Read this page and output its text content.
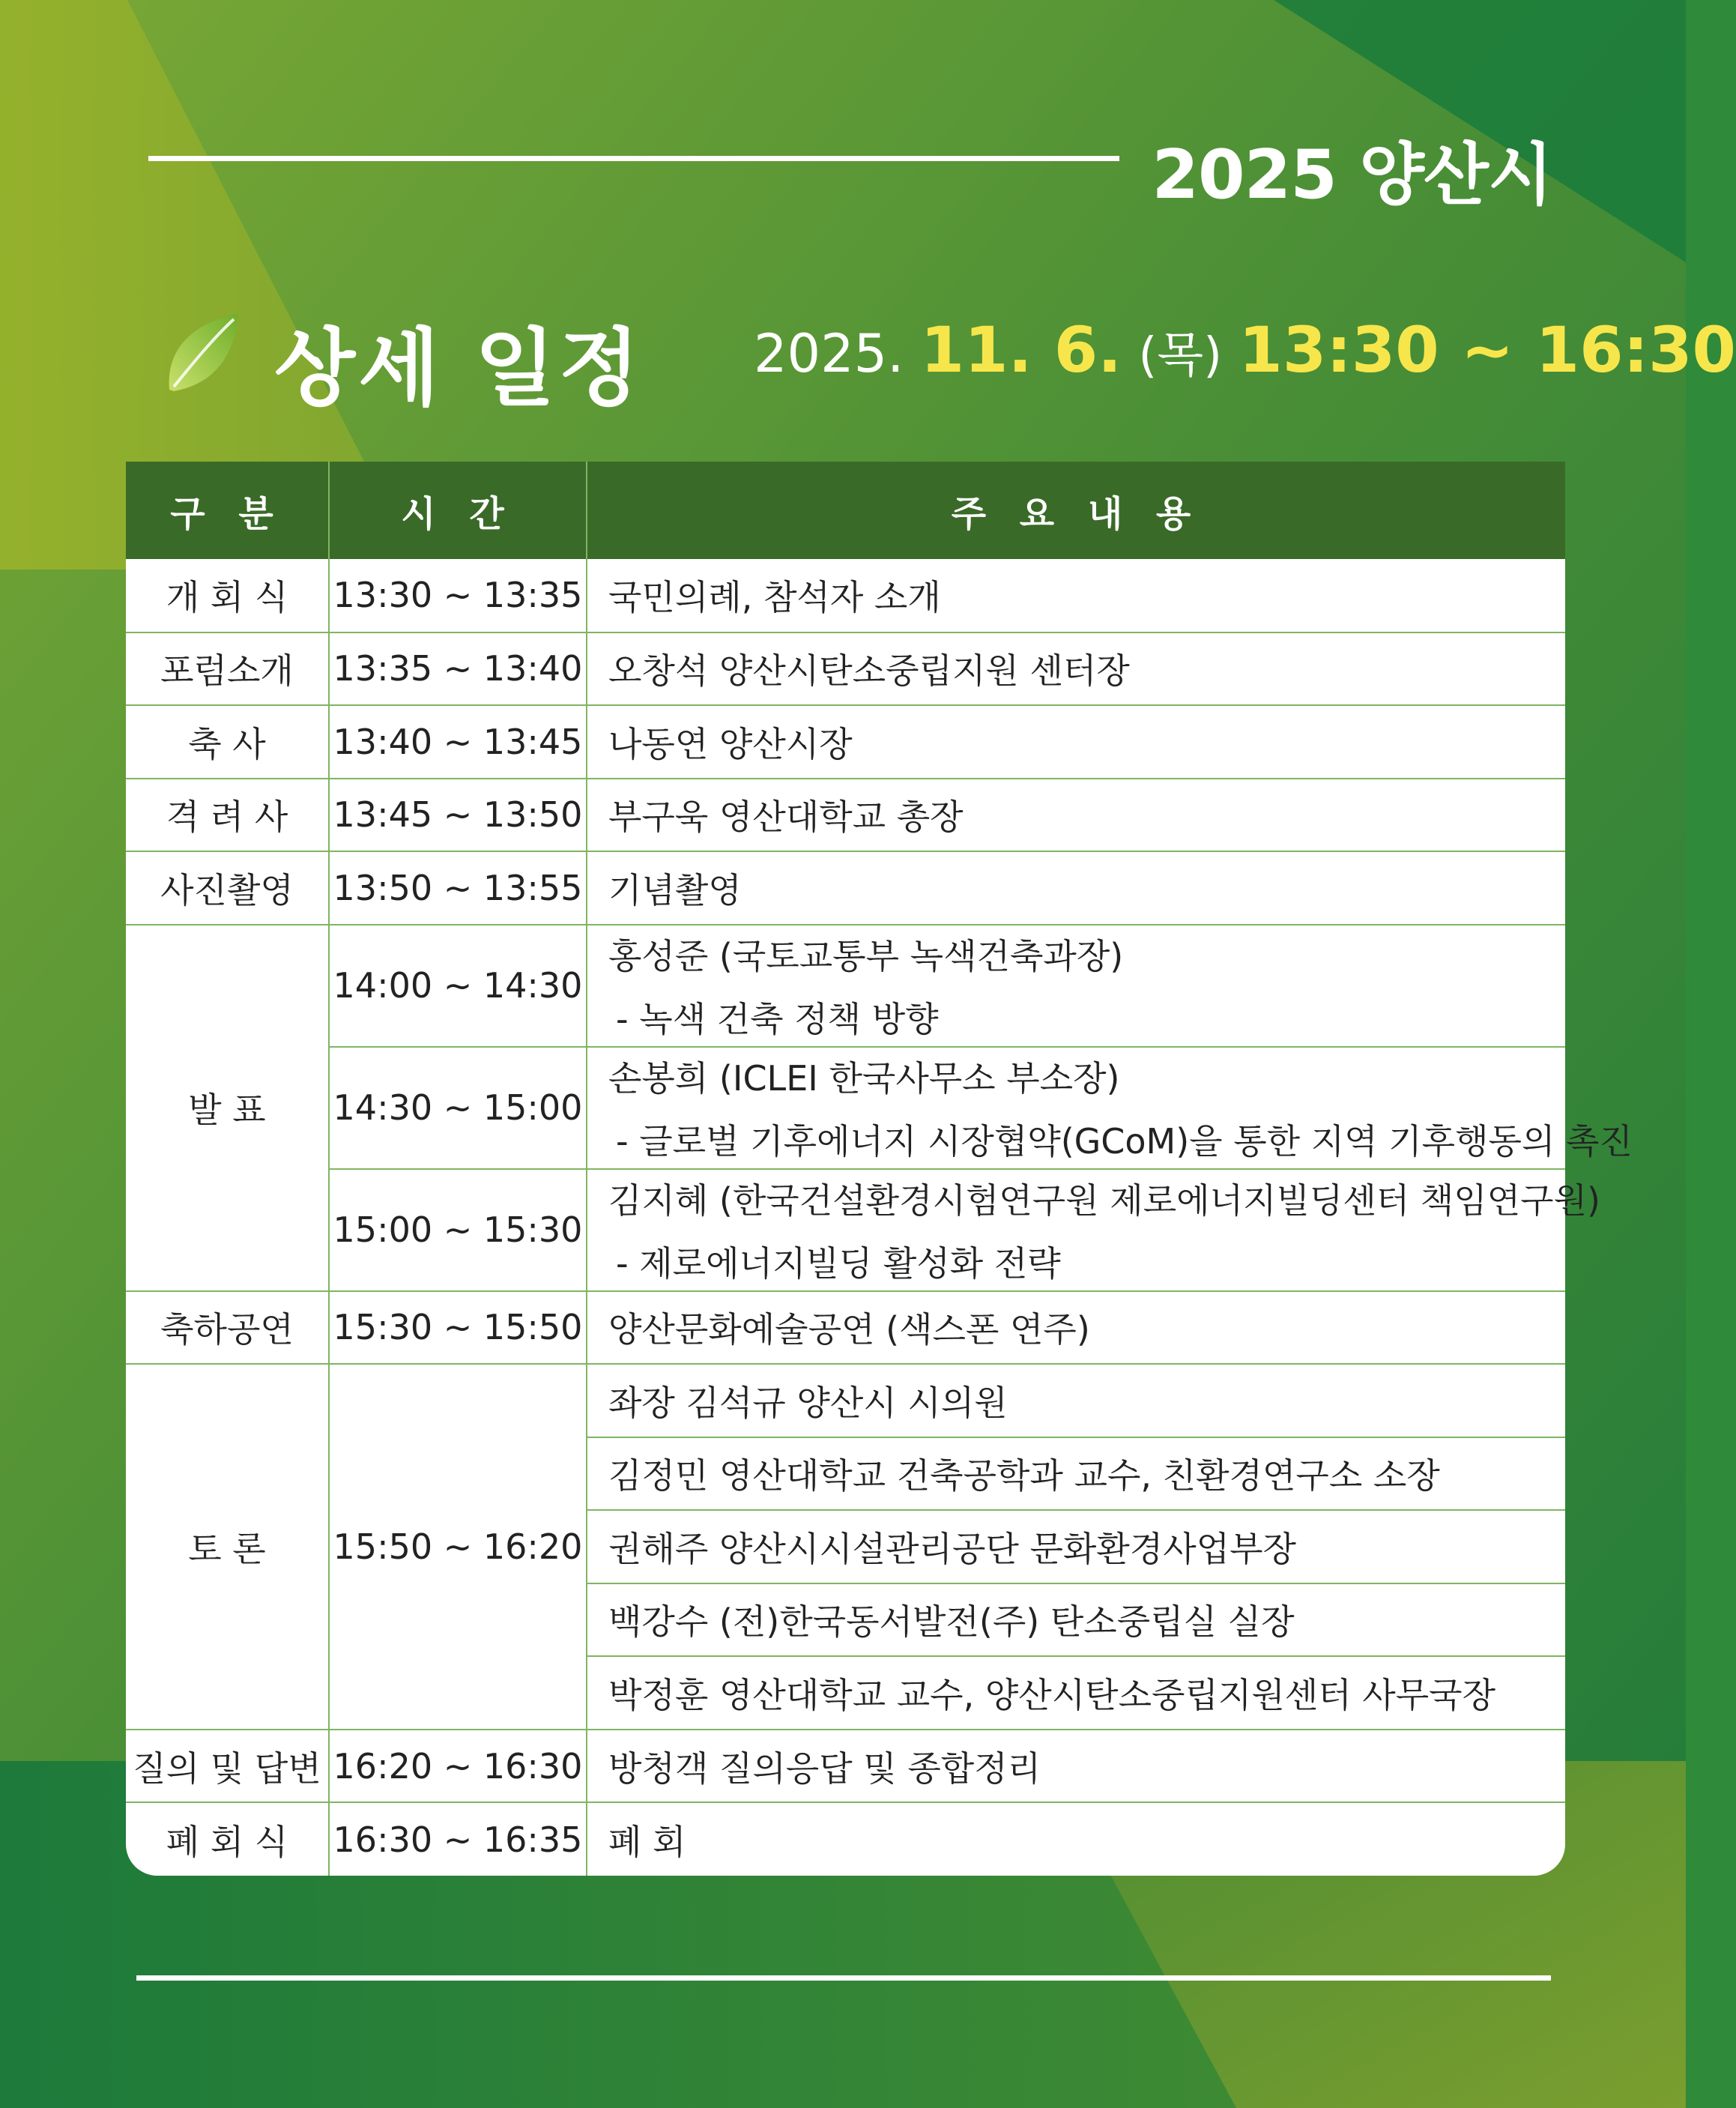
2025 양산시
상세 일정 2025. 11. 6. (목) 13:30 ~ 16:30
구 분	시 간	주 요 내 용
개 회 식	13:30 ~ 13:35	국민의례, 참석자 소개
포럼소개	13:35 ~ 13:40	오창석 양산시탄소중립지원 센터장
축 사	13:40 ~ 13:45	나동연 양산시장
격 려 사	13:45 ~ 13:50	부구욱 영산대학교 총장
사진촬영	13:50 ~ 13:55	기념촬영
발 표	14:00 ~ 14:30	홍성준 (국토교통부 녹색건축과장)
- 녹색 건축 정책 방향

	14:30 ~ 15:00	손봉희 (ICLEI 한국사무소 부소장)
- 글로벌 기후에너지 시장협약(GCoM)을 통한 지역 기후행동의 촉진

	15:00 ~ 15:30	김지혜 (한국건설환경시험연구원 제로에너지빌딩센터 책임연구원)
- 제로에너지빌딩 활성화 전략

축하공연	15:30 ~ 15:50	양산문화예술공연 (색스폰 연주)
토 론	15:50 ~ 16:20	좌장 김석규 양산시 시의원
		김정민 영산대학교 건축공학과 교수, 친환경연구소 소장
		권해주 양산시시설관리공단 문화환경사업부장
		백강수 (전)한국동서발전(주) 탄소중립실 실장
		박정훈 영산대학교 교수, 양산시탄소중립지원센터 사무국장
질의 및 답변	16:20 ~ 16:30	방청객 질의응답 및 종합정리
폐 회 식	16:30 ~ 16:35	폐 회
